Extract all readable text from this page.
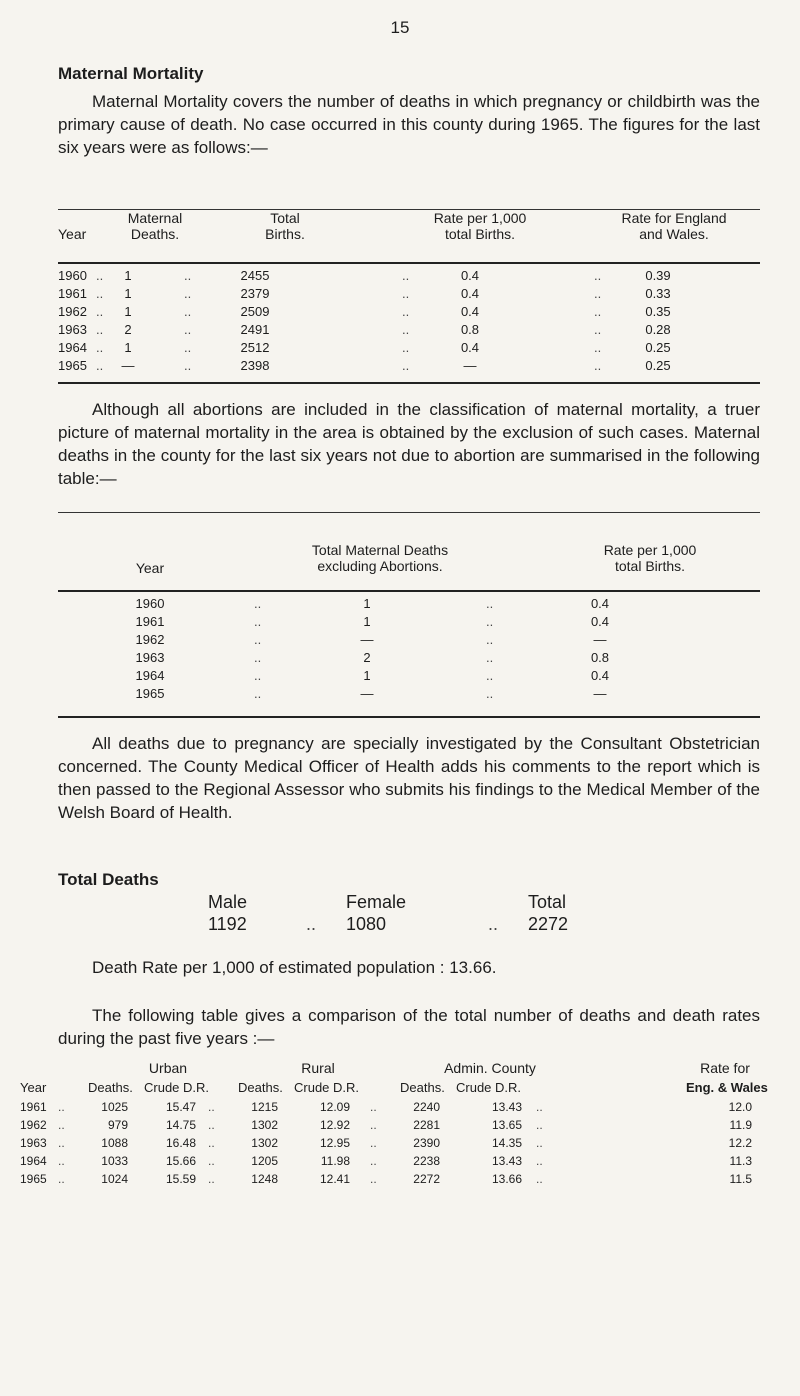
15
Maternal Mortality
Maternal Mortality covers the number of deaths in which pregnancy or childbirth was the primary cause of death. No case occurred in this county during 1965. The figures for the last six years were as follows:—
Year
Maternal
Deaths.
Total
Births.
Rate per 1,000
total Births.
Rate for England
and Wales.
1960 ..	1	..	2455	..	0.4	..	0.39
1961 ..	1	..	2379	..	0.4	..	0.33
1962 ..	1	..	2509	..	0.4	..	0.35
1963 ..	2	..	2491	..	0.8	..	0.28
1964 ..	1	..	2512	..	0.4	..	0.25
1965 ..	—	..	2398	..	—	..	0.25
Although all abortions are included in the classification of maternal mortality, a truer picture of maternal mortality in the area is obtained by the exclusion of such cases. Maternal deaths in the county for the last six years not due to abortion are summarised in the following table:—
Year
Total Maternal Deaths
excluding Abortions.
Rate per 1,000
total Births.
1960	..	1	..	0.4
1961	..	1	..	0.4
1962	..	—	..	—
1963	..	2	..	0.8
1964	..	1	..	0.4
1965	..	—	..	—
All deaths due to pregnancy are specially investigated by the Consultant Obstetrician concerned. The County Medical Officer of Health adds his comments to the report which is then passed to the Regional Assessor who submits his findings to the Medical Member of the Welsh Board of Health.
Total Deaths
Male	Female	Total
1192	.. 1080	.. 2272
Death Rate per 1,000 of estimated population : 13.66.
The following table gives a comparison of the total number of deaths and death rates during the past five years :—
Urban	Rural	Admin. County	Rate for
Year	Deaths. Crude D.R. Deaths. Crude D.R.	Deaths. Crude D.R.	Eng. & Wales
1961 ..	1025	15.47 ..	1215	12.09 ..	2240	13.43 ..	12.0
1962 ..	979	14.75 ..	1302	12.92 ..	2281	13.65 ..	11.9
1963 ..	1088	16.48 ..	1302	12.95 ..	2390	14.35 ..	12.2
1964 ..	1033	15.66 ..	1205	11.98 ..	2238	13.43 ..	11.3
1965 ..	1024	15.59 ..	1248	12.41 ..	2272	13.66 ..	11.5
